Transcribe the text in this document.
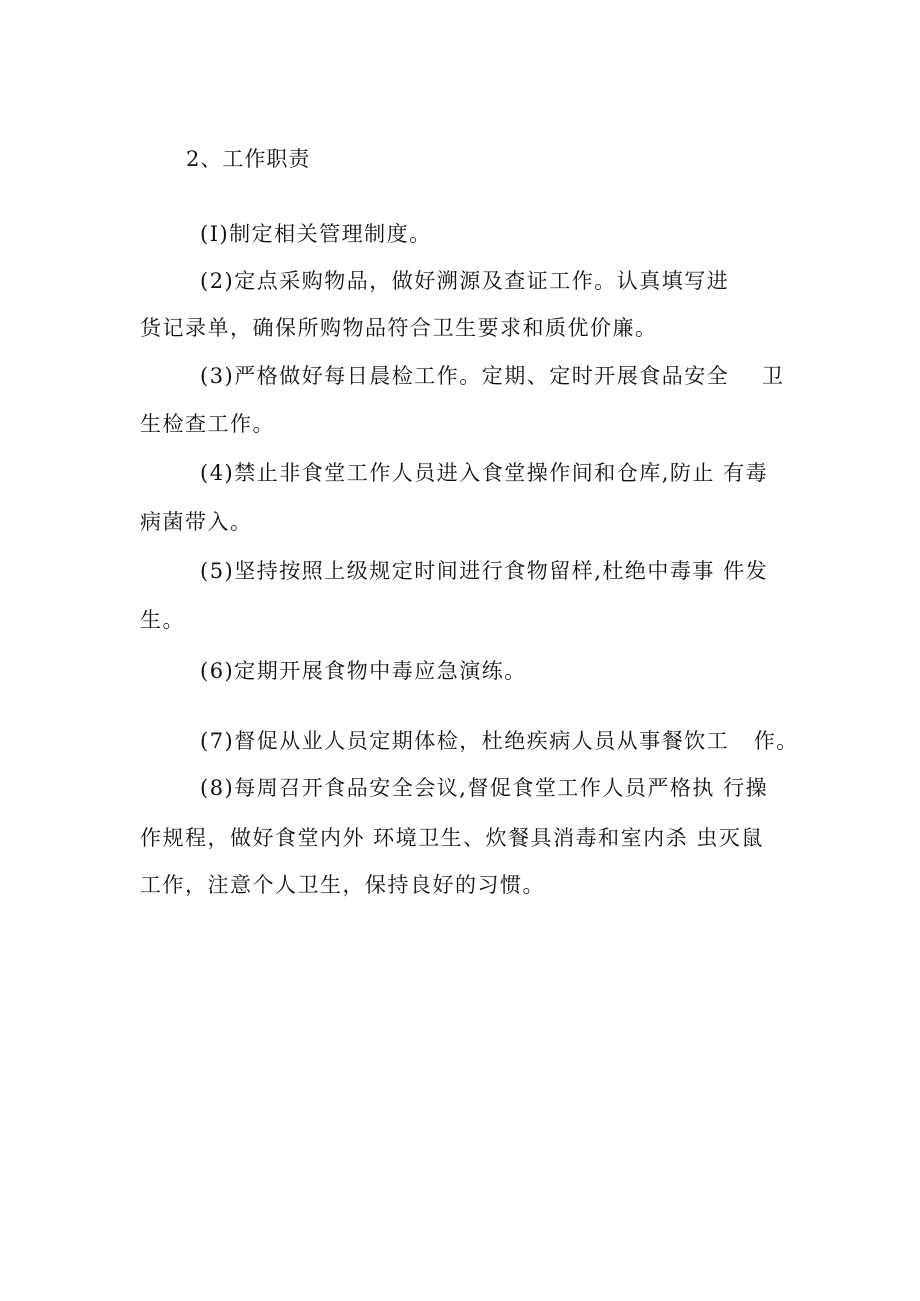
2、工作职责
(I)制定相关管理制度。
(2)定点采购物品，做好溯源及查证工作。认真填写进
货记录单，确保所购物品符合卫生要求和质优价廉。
(3)严格做好每日晨检工作。定期、定时开展食品安全    卫
生检查工作。
(4)禁止非食堂工作人员进入食堂操作间和仓库,防止 有毒
病菌带入。
(5)坚持按照上级规定时间进行食物留样,杜绝中毒事 件发
生。
(6)定期开展食物中毒应急演练。
(7)督促从业人员定期体检，杜绝疾病人员从事餐饮工   作。
(8)每周召开食品安全会议,督促食堂工作人员严格执 行操
作规程，做好食堂内外 环境卫生、炊餐具消毒和室内杀 虫灭鼠
工作，注意个人卫生，保持良好的习惯。
